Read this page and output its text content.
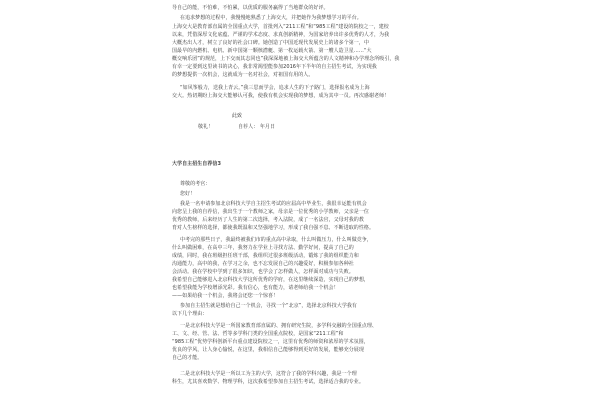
导自己的能，不怕难，不怕累，以优质的服务赢得了当地群众的好评。
在追求梦想的过程中，我慢慢地熟悉了上海交大，并把她作为我梦想学习的平台。
上海交大是教育部直属的全国重点大学，首批列入“211工程”和“985工程”建设的院校之一，建校
以来，凭借深厚文化底蕴、严谨的学术态度、求真创新精神，为国家培养出许多优秀的人才，为我
大概杰出人才，树立了良好的社会口碑。她创造了中国近现代发展史上的诸多个第一，中
国最早的内燃机、电机、新中国第一颗核潜艇、第一枚运载火箭、第一艘人造卫星……“大
概交响乐团”的规范，上下交而其志同也”我深深地被上海交大所蕴含的人文精神和办学理念所吸引，我
有幸一定要到这里读书的决心，我非常渴望能参加2016年下半年的自主招生考试，为实现我
的梦想提供一次机会，这就成为一名对社会，对祖国有用的人。
“如风筝般力，送我上青云。”我三思而学会，追求人生的下子路门，选择报名成为上海
交大。热切期盼上海交大能够认可我，使我有机会实现我的梦想，成为其中一员。再次感谢老师！
此致
敬礼！	自荐人： 年月日
大学自主招生自荐信3
尊敬的考官：
您好！
我是一名申请参加北京科技大学自主招生考试的应届高中毕业生，我很幸运能有机会
向您呈上我的自荐信，我出生于一个教师之家，母亲是一位优秀的小学教师，父亲是一位
优秀的教师，后来经历了人生的第二次选择，考入法院，成了一名法官，父母对我的教
育对人生榜样的选择，都使我既温和又坚强地学习，形成了我自强不息、不断进取的性格。
中考完的那些日子，我最终被我们市的重点高中录取，什么叫做压力，什么叫做竞争，
什么叫做困难，在高中三年，我努力在学业上寻找方法、勤学好问，提高了自己的
成绩，同时，我在班级担任班干部，我组织过很多班级活动，锻炼了我的组织能力和
沟通能力，高中的我，在学习之余，也不忘发展自己的兴趣爱好，积极参加各种社
会活动。我在学校中学到了很多知识，也学会了怎样做人，怎样面对成功与失败。
我希望自己能够进入北京科技大学这所优秀的学府，在这里继续深造，实现自己的梦想，
也希望我能为学校增添光彩。我有信心，也有能力，请老师给我一个机会！
——如果给我一个机会，我将会还您一个惊喜！
参加自主招生就是想给自己一个机会，寻找一个“北京”，选择北京科技大学我有
以下几个理由：
一是北京科技大学是一所国家教育部直属的、拥有研究生院，多学科交融的全国重点理、
工、文、经、管、法、哲等多学科门类的全国重点院校，是国家“211工程”和
“985工程”优势学科创新平台重点建设院校之一，这里有优秀的师资和浓厚的学术氛围，
优良的学风，让人身心愉悦，在这里，我相信自己能够得到更好的发展，能够充分展现
自己的才能。
二是北京科技大学是一所以工为主的大学，这符合了我的学科兴趣，我是一个理
科生，尤其喜欢数学、物理学科，这次我希望参加自主招生考试，选择适合我的专业。
